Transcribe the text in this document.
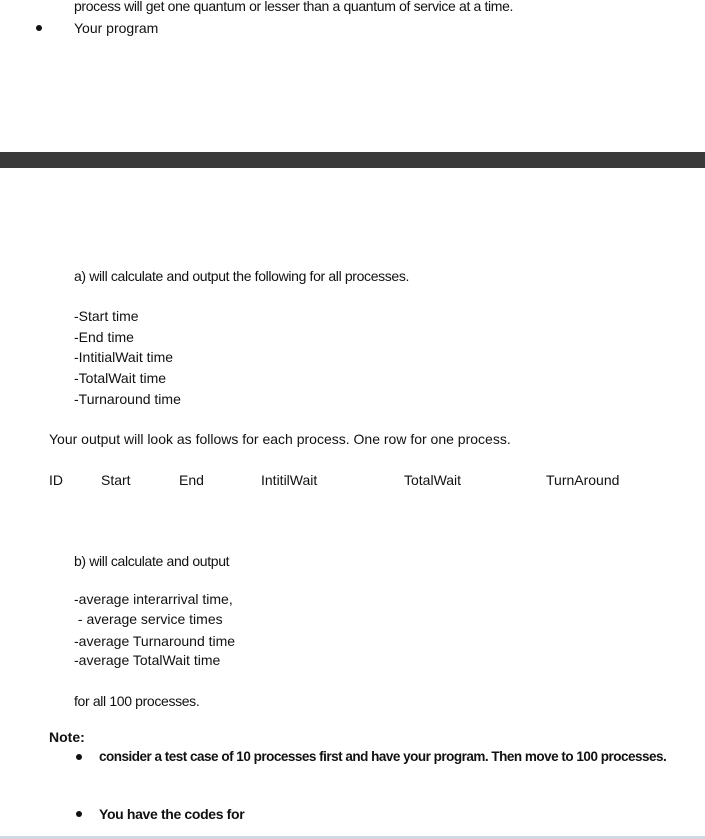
process will get one quantum or lesser than a quantum of service at a time.
Your program
a) will calculate and output the following for all processes.
-Start time
-End time
-IntitialWait time
-TotalWait time
-Turnaround time
Your output will look as follows for each process. One row for one process.
ID	Start	End	IntitilWait	TotalWait	TurnAround
b) will calculate and output
-average interarrival time,
- average service times
-average Turnaround time
-average TotalWait time
for all 100 processes.
Note:
consider a test case of 10 processes first and have your program. Then move to 100 processes.
You have the codes for
